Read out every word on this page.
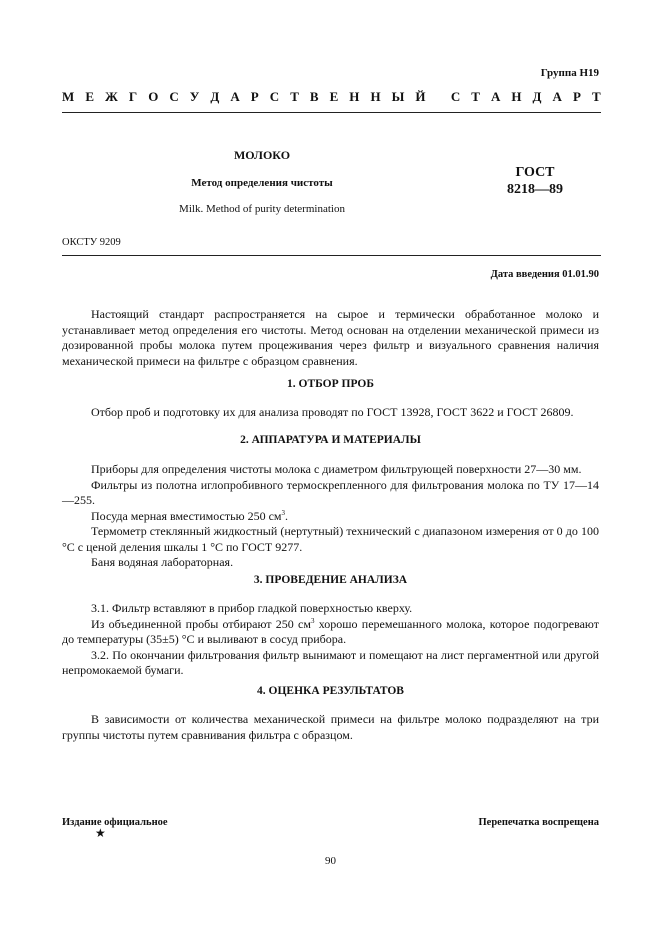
Группа Н19
М Е Ж Г О С У Д А Р С Т В Е Н Н Ы Й
С Т А Н Д А Р Т
МОЛОКО
ГОСТ
8218—89
Метод определения чистоты
Milk. Method of purity determination
ОКСТУ 9209
Дата введения 01.01.90

Настоящий стандарт распространяется на сырое и термически обработанное молоко и устанавливает метод определения его чистоты. Метод основан на отделении механической примеси из дозированной пробы молока путем процеживания через фильтр и визуального сравнения наличия механической примеси на фильтре с образцом сравнения.

1. ОТБОР ПРОБ

Отбор проб и подготовку их для анализа проводят по ГОСТ 13928, ГОСТ 3622 и ГОСТ 26809.

2. АППАРАТУРА И МАТЕРИАЛЫ

Приборы для определения чистоты молока с диаметром фильтрующей поверхности 27—30 мм.

Фильтры из полотна иглопробивного термоскрепленного для фильтрования молока по ТУ 17—14—255.

Посуда мерная вместимостью 250 $см^3$.

Термометр стеклянный жидкостный (нертутный) технический с диапазоном измерения от 0 до 100 °С с ценой деления шкалы 1 °С по ГОСТ 9277.

Баня водяная лабораторная.

3. ПРОВЕДЕНИЕ АНАЛИЗА

3.1. Фильтр вставляют в прибор гладкой поверхностью кверху.

Из объединенной пробы отбирают 250 $см^3$ хорошо перемешанного молока, которое подогревают до температуры (35±5) °С и выливают в сосуд прибора.

3.2. По окончании фильтрования фильтр вынимают и помещают на лист пергаментной или другой непромокаемой бумаги.

4. ОЦЕНКА РЕЗУЛЬТАТОВ

В зависимости от количества механической примеси на фильтре молоко подразделяют на три группы чистоты путем сравнивания фильтра с образцом.

Издание официальное
★
Перепечатка воспрещена
90
